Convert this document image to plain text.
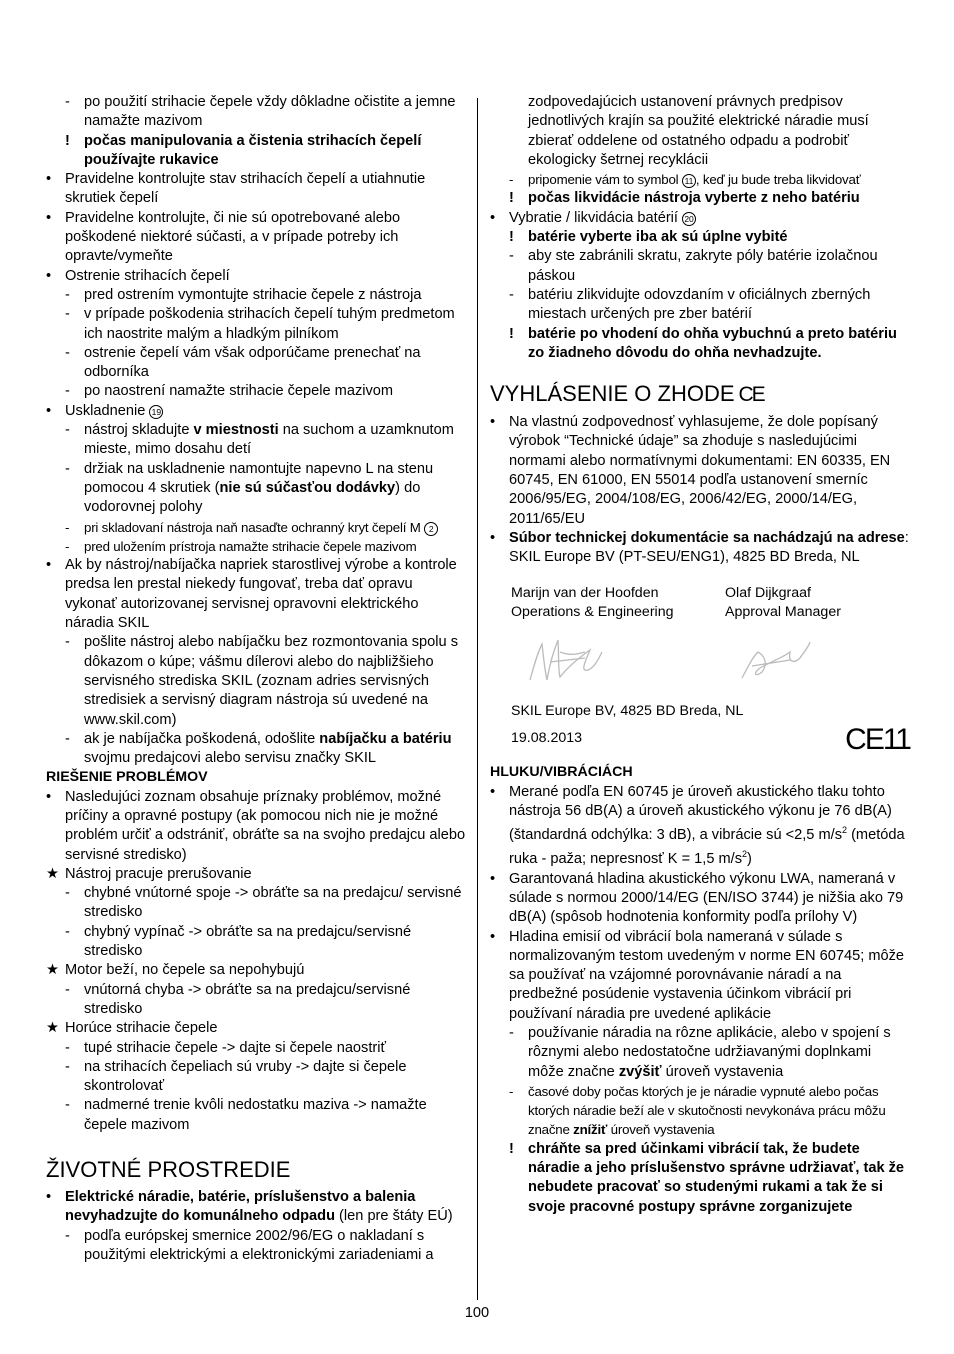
- po použití strihacie čepele vždy dôkladne očistite a jemne namažte mazivom
! počas manipulovania a čistenia strihacích čepelí používajte rukavice
• Pravidelne kontrolujte stav strihacích čepelí a utiahnutie skrutiek čepelí
• Pravidelne kontrolujte, či nie sú opotrebované alebo poškodené niektoré súčasti, a v prípade potreby ich opravte/vymeňte
• Ostrenie strihacích čepelí
- pred ostrením vymontujte strihacie čepele z nástroja
- v prípade poškodenia strihacích čepelí tuhým predmetom ich naostrite malým a hladkým pilníkom
- ostrenie čepelí vám však odporúčame prenechať na odborníka
- po naostrení namažte strihacie čepele mazivom
• Uskladnenie 19
- nástroj skladujte v miestnosti na suchom a uzamknutom mieste, mimo dosahu detí
- držiak na uskladnenie namontujte napevno L na stenu pomocou 4 skrutiek (nie sú súčasťou dodávky) do vodorovnej polohy
- pri skladovaní nástroja naň nasaďte ochranný kryt čepelí M 2
- pred uložením prístroja namažte strihacie čepele mazivom
• Ak by nástroj/nabíjačka napriek starostlivej výrobe a kontrole predsa len prestal niekedy fungovať, treba dať opravu vykonať autorizovanej servisnej opravovni elektrického náradia SKIL
- pošlite nástroj alebo nabíjačku bez rozmontovania spolu s dôkazom o kúpe; vášmu dílerovi alebo do najbližšieho servisného strediska SKIL (zoznam adries servisných stredisiek a servisný diagram nástroja sú uvedené na www.skil.com)
- ak je nabíjačka poškodená, odošlite nabíjačku a batériu svojmu predajcovi alebo servisu značky SKIL
RIEŠENIE PROBLÉMOV
• Nasledujúci zoznam obsahuje príznaky problémov, možné príčiny a opravné postupy (ak pomocou nich nie je možné problém určiť a odstrániť, obráťte sa na svojho predajcu alebo servisné stredisko)
★ Nástroj pracuje prerušovanie
- chybné vnútorné spoje -> obráťte sa na predajcu/ servisné stredisko
- chybný vypínač -> obráťte sa na predajcu/servisné stredisko
★ Motor beží, no čepele sa nepohybujú
- vnútorná chyba -> obráťte sa na predajcu/servisné stredisko
★ Horúce strihacie čepele
- tupé strihacie čepele -> dajte si čepele naostriť
- na strihacích čepeliach sú vruby -> dajte si čepele skontrolovať
- nadmerné trenie kvôli nedostatku maziva -> namažte čepele mazivom
ŽIVOTNÉ PROSTREDIE
• Elektrické náradie, batérie, príslušenstvo a balenia nevyhadzujte do komunálneho odpadu (len pre štáty EÚ)
- podľa európskej smernice 2002/96/EG o nakladaní s použitými elektrickými a elektronickými zariadeniami a
zodpovedajúcich ustanovení právnych predpisov jednotlivých krajín sa použité elektrické náradie musí zbierať oddelene od ostatného odpadu a podrobiť ekologicky šetrnej recyklácii
- pripomenie vám to symbol 11 , keď ju bude treba likvidovať
! počas likvidácie nástroja vyberte z neho batériu
• Vybratie / likvidácia batérií 20
! batérie vyberte iba ak sú úplne vybité
- aby ste zabránili skratu, zakryte póly batérie izolačnou páskou
- batériu zlikvidujte odovzdaním v oficiálnych zberných miestach určených pre zber batérií
! batérie po vhodení do ohňa vybuchnú a preto batériu zo žiadneho dôvodu do ohňa nevhadzujte.
VYHLÁSENIE O ZHODE CE
• Na vlastnú zodpovednosť vyhlasujeme, že dole popísaný výrobok “Technické údaje” sa zhoduje s nasledujúcimi normami alebo normatívnymi dokumentami: EN 60335, EN 60745, EN 61000, EN 55014 podľa ustanovení smerníc 2006/95/EG, 2004/108/EG, 2006/42/EG, 2000/14/EG, 2011/65/EU
• Súbor technickej dokumentácie sa nachádzajú na adrese: SKIL Europe BV (PT-SEU/ENG1), 4825 BD Breda, NL
Marijn van der Hoofden
Operations & Engineering
Olaf Dijkgraaf
Approval Manager
SKIL Europe BV, 4825 BD Breda, NL
19.08.2013	CE11
HLUKU/VIBRÁCIÁCH
• Merané podľa EN 60745 je úroveň akustického tlaku tohto nástroja 56 dB(A) a úroveň akustického výkonu je 76 dB(A) (štandardná odchýlka: 3 dB), a vibrácie sú <2,5 $m/s^2$ (metóda ruka - paža; nepresnosť K = 1,5 $m/s^2$)
• Garantovaná hladina akustického výkonu LWA, nameraná v súlade s normou 2000/14/EG (EN/ISO 3744) je nižšia ako 79 dB(A) (spôsob hodnotenia konformity podľa prílohy V)
• Hladina emisií od vibrácií bola nameraná v súlade s normalizovaným testom uvedeným v norme EN 60745; môže sa používať na vzájomné porovnávanie náradí a na predbežné posúdenie vystavenia účinkom vibrácií pri používaní náradia pre uvedené aplikácie
- používanie náradia na rôzne aplikácie, alebo v spojení s rôznymi alebo nedostatočne udržiavanými doplnkami môže značne zvýšiť úroveň vystavenia
- časové doby počas ktorých je je náradie vypnuté alebo počas ktorých náradie beží ale v skutočnosti nevykonáva prácu môžu značne znížiť úroveň vystavenia
! chráňte sa pred účinkami vibrácií tak, že budete náradie a jeho príslušenstvo správne udržiavať, tak že nebudete pracovať so studenými rukami a tak že si svoje pracovné postupy správne zorganizujete
100
